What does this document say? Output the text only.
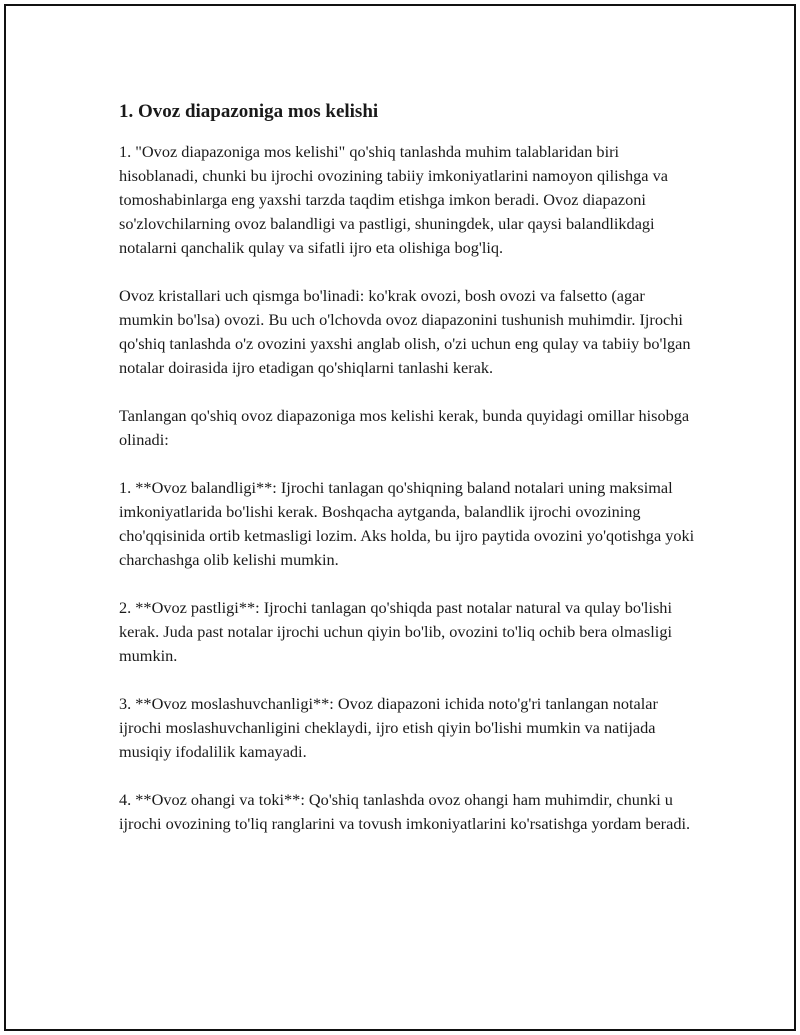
1. Ovoz diapazoniga mos kelishi

1. "Ovoz diapazoniga mos kelishi" qo'shiq tanlashda muhim talablaridan biri hisoblanadi, chunki bu ijrochi ovozining tabiiy imkoniyatlarini namoyon qilishga va tomoshabinlarga eng yaxshi tarzda taqdim etishga imkon beradi. Ovoz diapazoni so'zlovchilarning ovoz balandligi va pastligi, shuningdek, ular qaysi balandlikdagi notalarni qanchalik qulay va sifatli ijro eta olishiga bog'liq.

Ovoz kristallari uch qismga bo'linadi: ko'krak ovozi, bosh ovozi va falsetto (agar mumkin bo'lsa) ovozi. Bu uch o'lchovda ovoz diapazonini tushunish muhimdir. Ijrochi qo'shiq tanlashda o'z ovozini yaxshi anglab olish, o'zi uchun eng qulay va tabiiy bo'lgan notalar doirasida ijro etadigan qo'shiqlarni tanlashi kerak.

Tanlangan qo'shiq ovoz diapazoniga mos kelishi kerak, bunda quyidagi omillar hisobga olinadi:

1. **Ovoz balandligi**: Ijrochi tanlagan qo'shiqning baland notalari uning maksimal imkoniyatlarida bo'lishi kerak. Boshqacha aytganda, balandlik ijrochi ovozining cho'qqisinida ortib ketmasligi lozim. Aks holda, bu ijro paytida ovozini yo'qotishga yoki charchashga olib kelishi mumkin.

2. **Ovoz pastligi**: Ijrochi tanlagan qo'shiqda past notalar natural va qulay bo'lishi kerak. Juda past notalar ijrochi uchun qiyin bo'lib, ovozini to'liq ochib bera olmasligi mumkin.

3. **Ovoz moslashuvchanligi**: Ovoz diapazoni ichida noto'g'ri tanlangan notalar ijrochi moslashuvchanligini cheklaydi, ijro etish qiyin bo'lishi mumkin va natijada musiqiy ifodalilik kamayadi.

4. **Ovoz ohangi va toki**: Qo'shiq tanlashda ovoz ohangi ham muhimdir, chunki u ijrochi ovozining to'liq ranglarini va tovush imkoniyatlarini ko'rsatishga yordam beradi.
